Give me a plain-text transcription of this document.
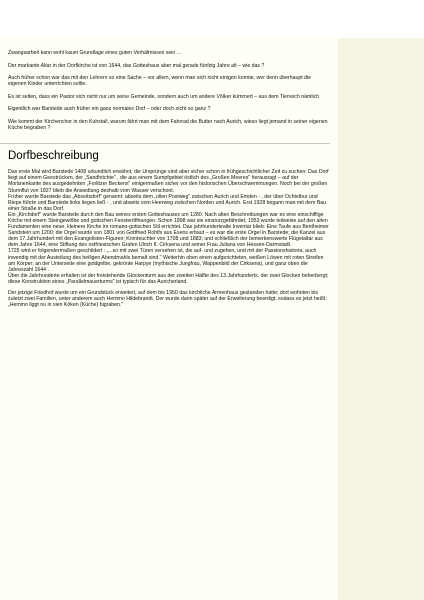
Zwangsarbeit kann wohl kaum Grundlage eines guten Verhältnisses sein ...

Der markante Altar in der Dorfkirche ist von 1644, das Gotteshaus aber mal gerade fünfzig Jahre alt – wie das ?

Auch früher schon war das mit den Lehrern so eine Sache – vor allem, wenn man sich nicht einigen konnte, wer denn überhaupt die eigenen Kinder unterrichten sollte.

Es ist selten, dass ein Pastor sich nicht nur um seine Gemeinde, sondern auch um andere Völker kümmert – aus dem Tierreich nämlich

Eigentlich war Barstede auch früher ein ganz normales Dorf – oder doch nicht so ganz ?

Wie kommt der Kirchenchor in den Kuhstall, warum fährt man mit dem Fahrrad die Butter nach Aurich, wieso liegt jemand in seiner eigenen Küche begraben ?

Dorfbeschreibung

Das erste Mal wird Barstede 1408 urkundlich erwähnt; die Ursprünge sind aber sicher schon in frühgeschichtlicher Zeit zu suchen: Das Dorf liegt auf einem Geestrücken, der „Sandhöchte" , die aus einem Sumpfgebiet östlich des „Großen Meeres" herausragt – auf der Moränenkante des ausgedehnten „Forlitzer Beckens" einigermaßen sicher vor den historischen Überschwemmungen. Noch bei der großen Sturmflut von 1827 blieb die Ansiedlung deshalb vom Wasser verschont.

Früher wurde Barstede das „Abseitsdorf" genannt: abseits dem „ollen Postweg" zwischen Aurich und Emden - , der über Ochtelbur und Riepe führte und Barstede links liegen ließ - , und abseits vom Heerweg zwischen Norden und Aurich. Erst 1928 begann man mit dem Bau einer Straße in das Dorf.

Ein „Kirchdorf" wurde Barstede durch den Bau seines ersten Gotteshauses um 1280: Nach alten Beschreibungen war es eine einschiffige Kirche mit einem Steingewölbe und gotischen Fensteröffnungen. Schon 1898 war sie einsturzgefährdet; 1953 wurde teilweise auf den alten Fundamenten eine neue, kleinere Kirche im romano-gotischen Stil errichtet. Das jahrhundertealte Inventar blieb: Eine Taufe aus Bentheimer Sandstein um 1200; die Orgel wurde von 1801 von Gottfried Rohlfs aus Esens erbaut – es war die erste Orgel in Barstede; die Kanzel aus dem 17.Jahrhundert mit den Evangelisten-Figuren; Kronleuchter von 1708 und 1883; und schließlich der bemerkenswerte Flügelaltar aus dem Jahre 1644, eine Stiftung des ostfriesischen Grafen Ulrich II. Cirksena und seiner Frau Juliana von Hessen-Darmstadt.

1725 wird er folgendermaßen geschildert : „...so mit zwei Türen versehen ist, die auf- und zugehen, und mit der Passionshistoria, auch inwendig mit der Austeilung des heiligen Abendmahls bemalt sind." Weiterhin oben einen aufgerichteten, weißen Löwen mit roten Streifen am Körper; an der Unterseite eine goldgelbe, gekrönte Harpye (mythische Jungfrau, Wappenbild der Cirksena), und ganz oben die Jahreszahl 1644 .

Über die Jahrhunderte erhalten ist der freistehende Glockenturm aus der zweiten Hälfte des 13.Jahrhunderts, der zwei Glocken beherbergt; diese Konstruktion eines „Parallelmauerturms" ist typisch für das Auricherland.

Der jetzige Friedhof wurde um ein Grundstück erweitert, auf dem bis 1950 das kirchliche Armenhaus gestanden hatte; dort wohnten bis zuletzt zwei Familien, unter anderem auch Hemmo Hildebrandt. Der wurde dann später auf der Erweiterung beerdigt, sodass es jetzt heißt: „Hemmo liggt nu in sien Köken (Küche) bigraben."
